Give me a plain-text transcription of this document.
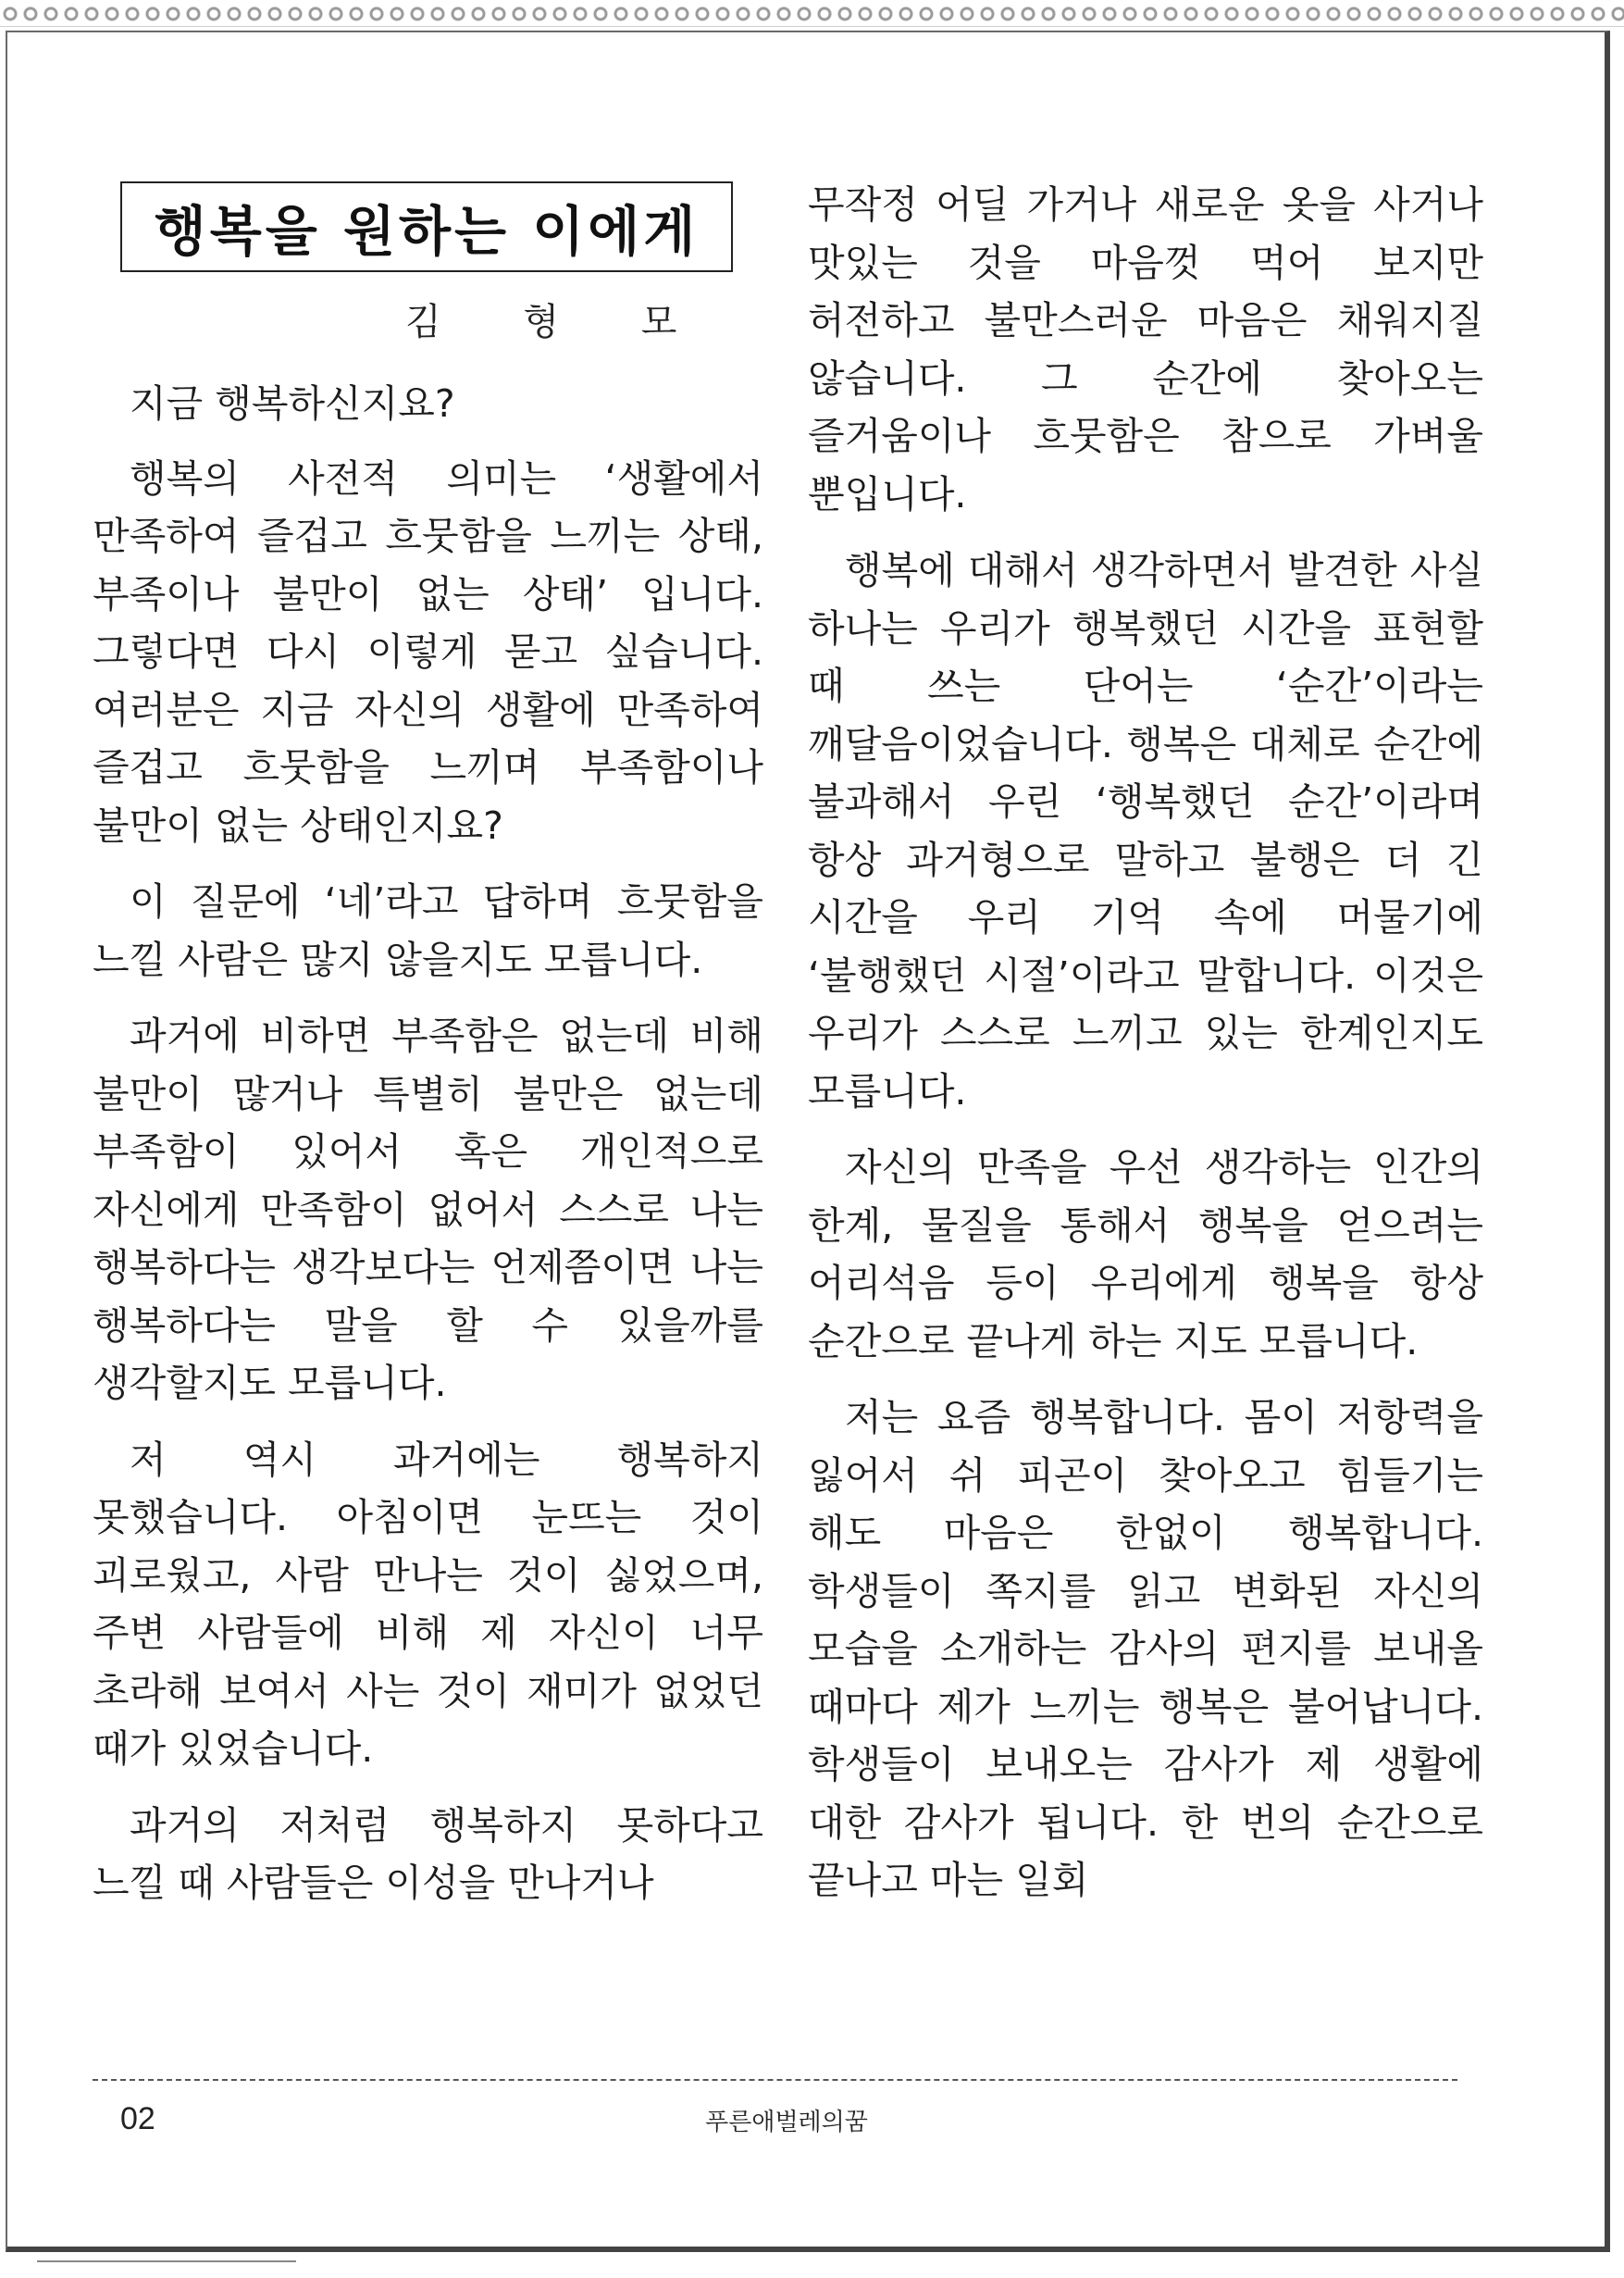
행복을 원하는 이에게
김 형 모

지금 행복하신지요?

행복의 사전적 의미는 ‘생활에서 만족하여 즐겁고 흐뭇함을 느끼는 상태, 부족이나 불만이 없는 상태’ 입니다. 그렇다면 다시 이렇게 묻고 싶습니다. 여러분은 지금 자신의 생활에 만족하여 즐겁고 흐뭇함을 느끼며 부족함이나 불만이 없는 상태인지요?

이 질문에 ‘네’라고 답하며 흐뭇함을 느낄 사람은 많지 않을지도 모릅니다.

과거에 비하면 부족함은 없는데 비해 불만이 많거나 특별히 불만은 없는데 부족함이 있어서 혹은 개인적으로 자신에게 만족함이 없어서 스스로 나는 행복하다는 생각보다는 언제쯤이면 나는 행복하다는 말을 할 수 있을까를 생각할지도 모릅니다.

저 역시 과거에는 행복하지 못했습니다. 아침이면 눈뜨는 것이 괴로웠고, 사람 만나는 것이 싫었으며, 주변 사람들에 비해 제 자신이 너무 초라해 보여서 사는 것이 재미가 없었던 때가 있었습니다.

과거의 저처럼 행복하지 못하다고 느낄 때 사람들은 이성을 만나거나

무작정 어딜 가거나 새로운 옷을 사거나 맛있는 것을 마음껏 먹어 보지만 허전하고 불만스러운 마음은 채워지질 않습니다. 그 순간에 찾아오는 즐거움이나 흐뭇함은 참으로 가벼울 뿐입니다.

행복에 대해서 생각하면서 발견한 사실 하나는 우리가 행복했던 시간을 표현할 때 쓰는 단어는 ‘순간’이라는 깨달음이었습니다. 행복은 대체로 순간에 불과해서 우린 ‘행복했던 순간’이라며 항상 과거형으로 말하고 불행은 더 긴 시간을 우리 기억 속에 머물기에 ‘불행했던 시절’이라고 말합니다. 이것은 우리가 스스로 느끼고 있는 한계인지도 모릅니다.

자신의 만족을 우선 생각하는 인간의 한계, 물질을 통해서 행복을 얻으려는 어리석음 등이 우리에게 행복을 항상 순간으로 끝나게 하는 지도 모릅니다.

저는 요즘 행복합니다. 몸이 저항력을 잃어서 쉬 피곤이 찾아오고 힘들기는 해도 마음은 한없이 행복합니다. 학생들이 쪽지를 읽고 변화된 자신의 모습을 소개하는 감사의 편지를 보내올 때마다 제가 느끼는 행복은 불어납니다. 학생들이 보내오는 감사가 제 생활에 대한 감사가 됩니다. 한 번의 순간으로 끝나고 마는 일회

02	푸른애벌레의꿈
